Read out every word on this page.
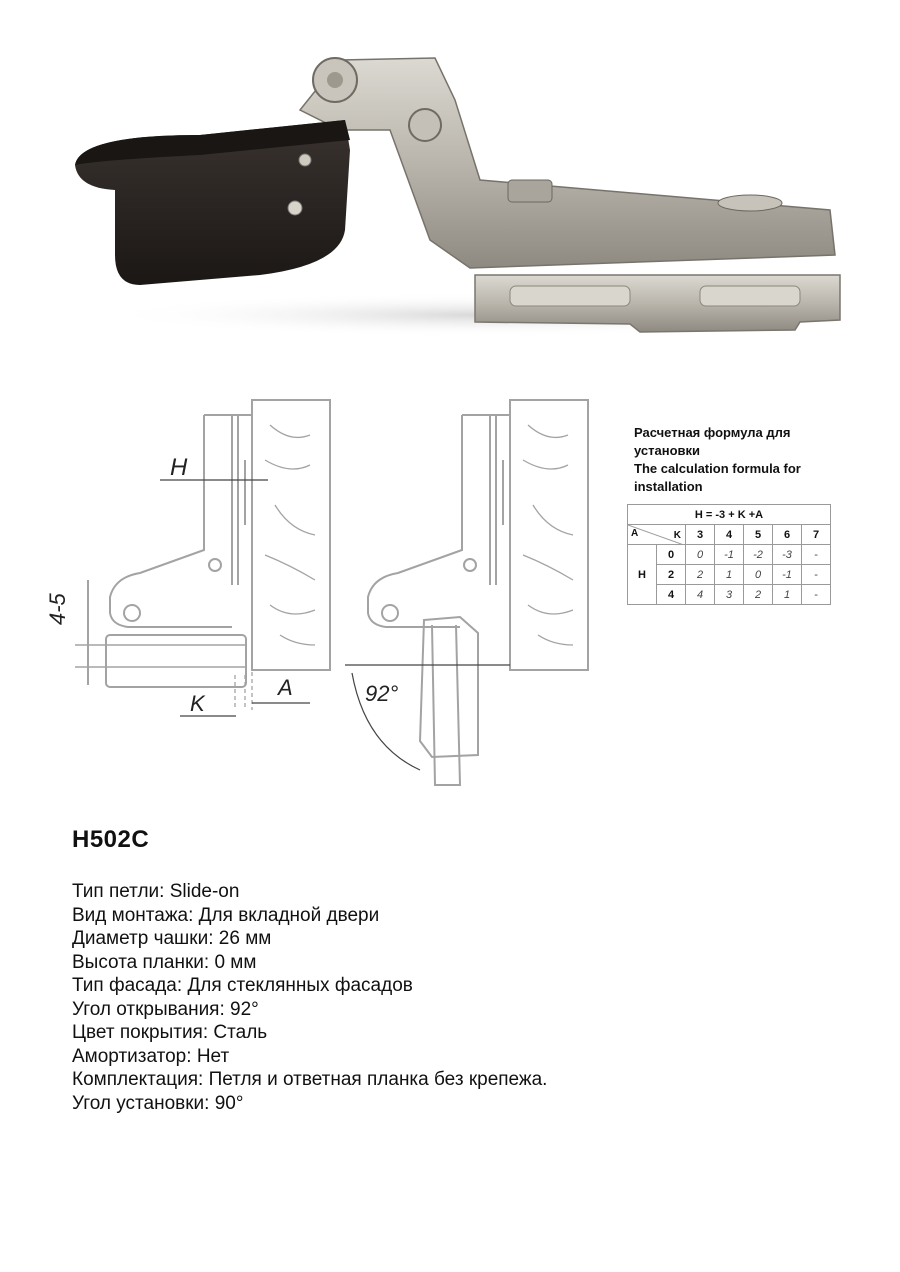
H
4-5
K
A	92°
Расчетная формула для
установки
The calculation formula for
installation
H = -3 + K +A						

A K		3	4	5	6	7
H	0	0	-1	-2	-3	-
	2	2	1	0	-1	-
	4	4	3	2	1	-
H502C
Тип петли: Slide-on
Вид монтажа: Для вкладной двери
Диаметр чашки: 26 мм
Высота планки: 0 мм
Тип фасада: Для стеклянных фасадов
Угол открывания: 92°
Цвет покрытия: Сталь
Амортизатор: Нет
Комплектация: Петля и ответная планка без крепежа.
Угол установки: 90°
